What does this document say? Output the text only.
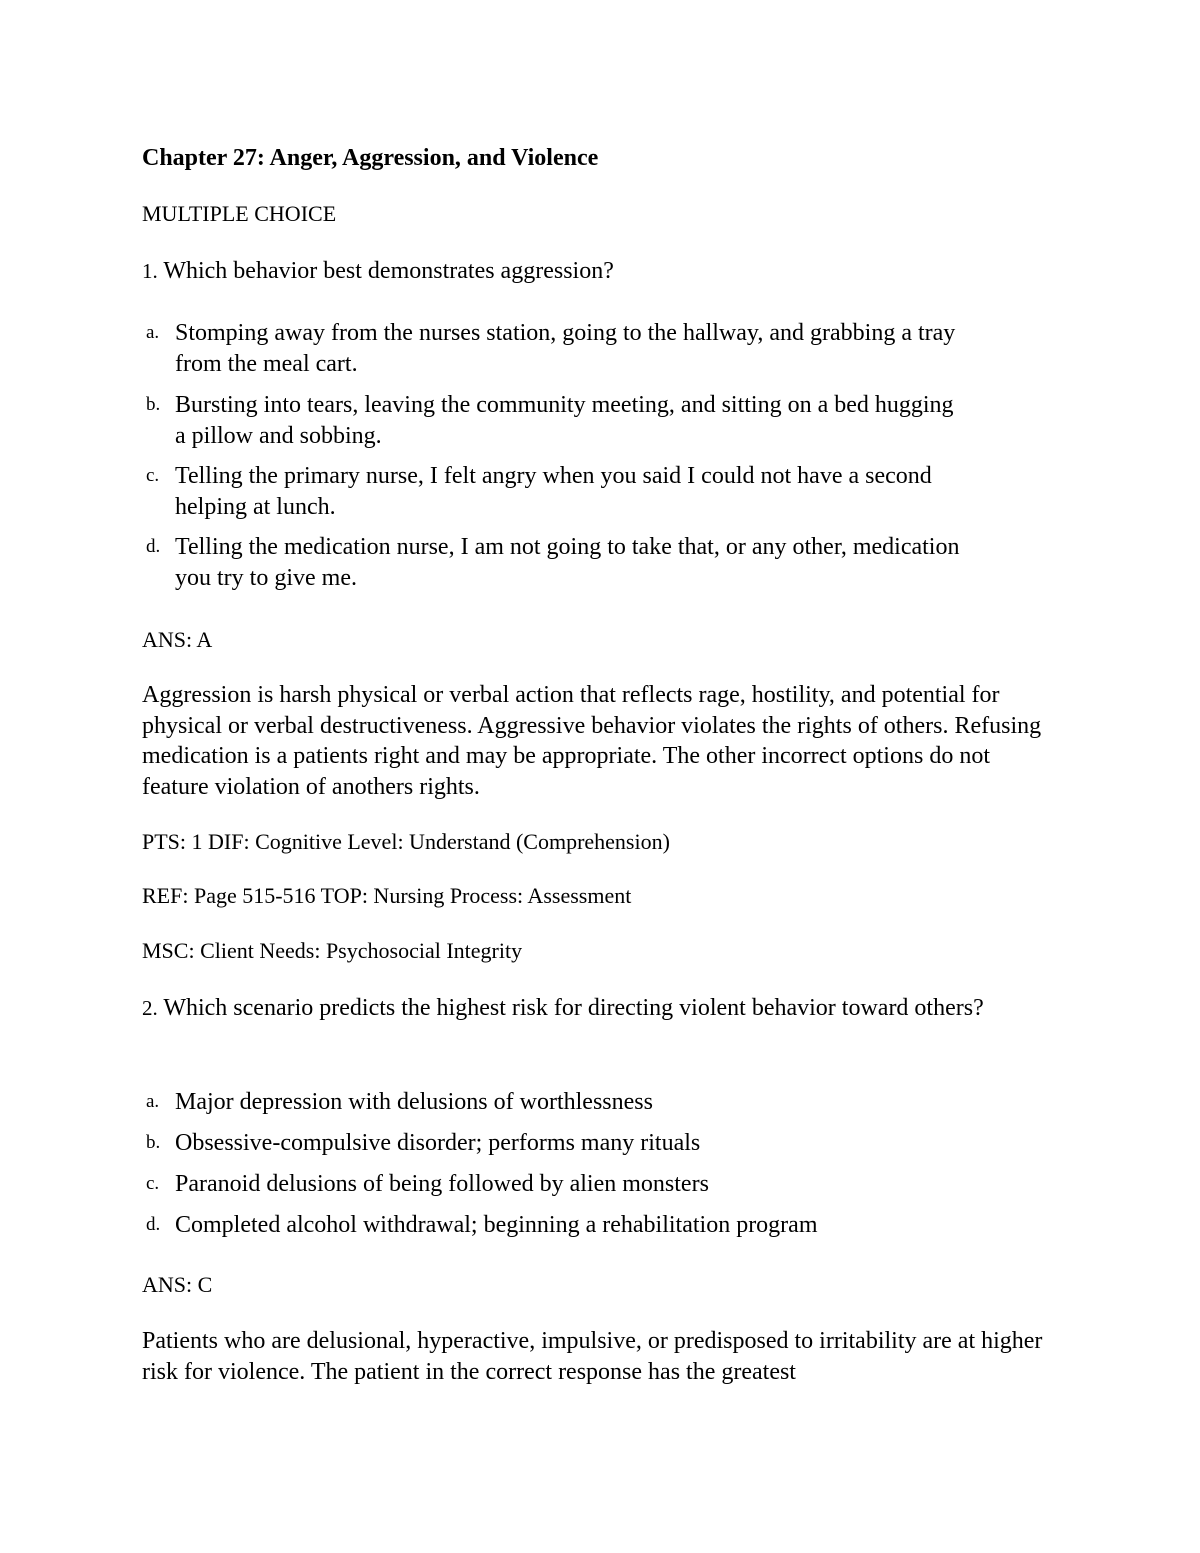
Chapter 27: Anger, Aggression, and Violence
MULTIPLE CHOICE
1. Which behavior best demonstrates aggression?
a. Stomping away from the nurses station, going to the hallway, and grabbing a tray from the meal cart.
b. Bursting into tears, leaving the community meeting, and sitting on a bed hugging a pillow and sobbing.
c. Telling the primary nurse, I felt angry when you said I could not have a second helping at lunch.
d. Telling the medication nurse, I am not going to take that, or any other, medication you try to give me.
ANS: A
Aggression is harsh physical or verbal action that reflects rage, hostility, and potential for physical or verbal destructiveness. Aggressive behavior violates the rights of others. Refusing medication is a patients right and may be appropriate. The other incorrect options do not feature violation of anothers rights.
PTS: 1 DIF: Cognitive Level: Understand (Comprehension)
REF: Page 515-516 TOP: Nursing Process: Assessment
MSC: Client Needs: Psychosocial Integrity
2. Which scenario predicts the highest risk for directing violent behavior toward others?
a. Major depression with delusions of worthlessness
b. Obsessive-compulsive disorder; performs many rituals
c. Paranoid delusions of being followed by alien monsters
d. Completed alcohol withdrawal; beginning a rehabilitation program
ANS: C
Patients who are delusional, hyperactive, impulsive, or predisposed to irritability are at higher risk for violence. The patient in the correct response has the greatest
